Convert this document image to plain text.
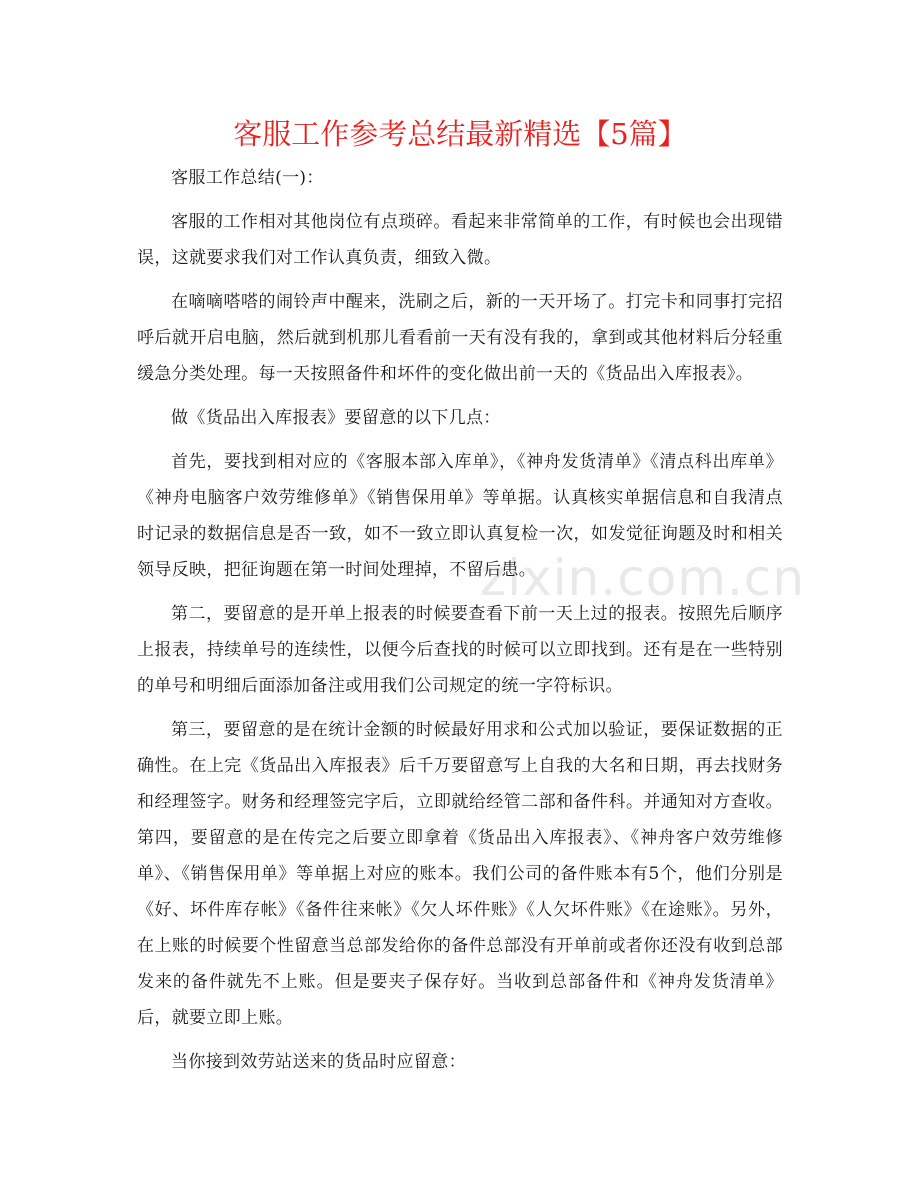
客服工作参考总结最新精选【5篇】
zixin.com.cn

客服工作总结(一)：

客服的工作相对其他岗位有点琐碎。看起来非常简单的工作，有时候也会出现错误，这就要求我们对工作认真负责，细致入微。

在嘀嘀嗒嗒的闹铃声中醒来，洗刷之后，新的一天开场了。打完卡和同事打完招呼后就开启电脑，然后就到机那儿看看前一天有没有我的，拿到或其他材料后分轻重缓急分类处理。每一天按照备件和坏件的变化做出前一天的《货品出入库报表》。

做《货品出入库报表》要留意的以下几点：

首先，要找到相对应的《客服本部入库单》，《神舟发货清单》《清点科出库单》《神舟电脑客户效劳维修单》《销售保用单》等单据。认真核实单据信息和自我清点时记录的数据信息是否一致，如不一致立即认真复检一次，如发觉征询题及时和相关领导反映，把征询题在第一时间处理掉，不留后患。

第二，要留意的是开单上报表的时候要查看下前一天上过的报表。按照先后顺序上报表，持续单号的连续性，以便今后查找的时候可以立即找到。还有是在一些特别的单号和明细后面添加备注或用我们公司规定的统一字符标识。

第三，要留意的是在统计金额的时候最好用求和公式加以验证，要保证数据的正确性。在上完《货品出入库报表》后千万要留意写上自我的大名和日期，再去找财务和经理签字。财务和经理签完字后，立即就给经管二部和备件科。并通知对方查收。第四，要留意的是在传完之后要立即拿着《货品出入库报表》、《神舟客户效劳维修单》、《销售保用单》等单据上对应的账本。我们公司的备件账本有5个，他们分别是《好、坏件库存帐》《备件往来帐》《欠人坏件账》《人欠坏件账》《在途账》。另外，在上账的时候要个性留意当总部发给你的备件总部没有开单前或者你还没有收到总部发来的备件就先不上账。但是要夹子保存好。当收到总部备件和《神舟发货清单》后，就要立即上账。

当你接到效劳站送来的货品时应留意：
